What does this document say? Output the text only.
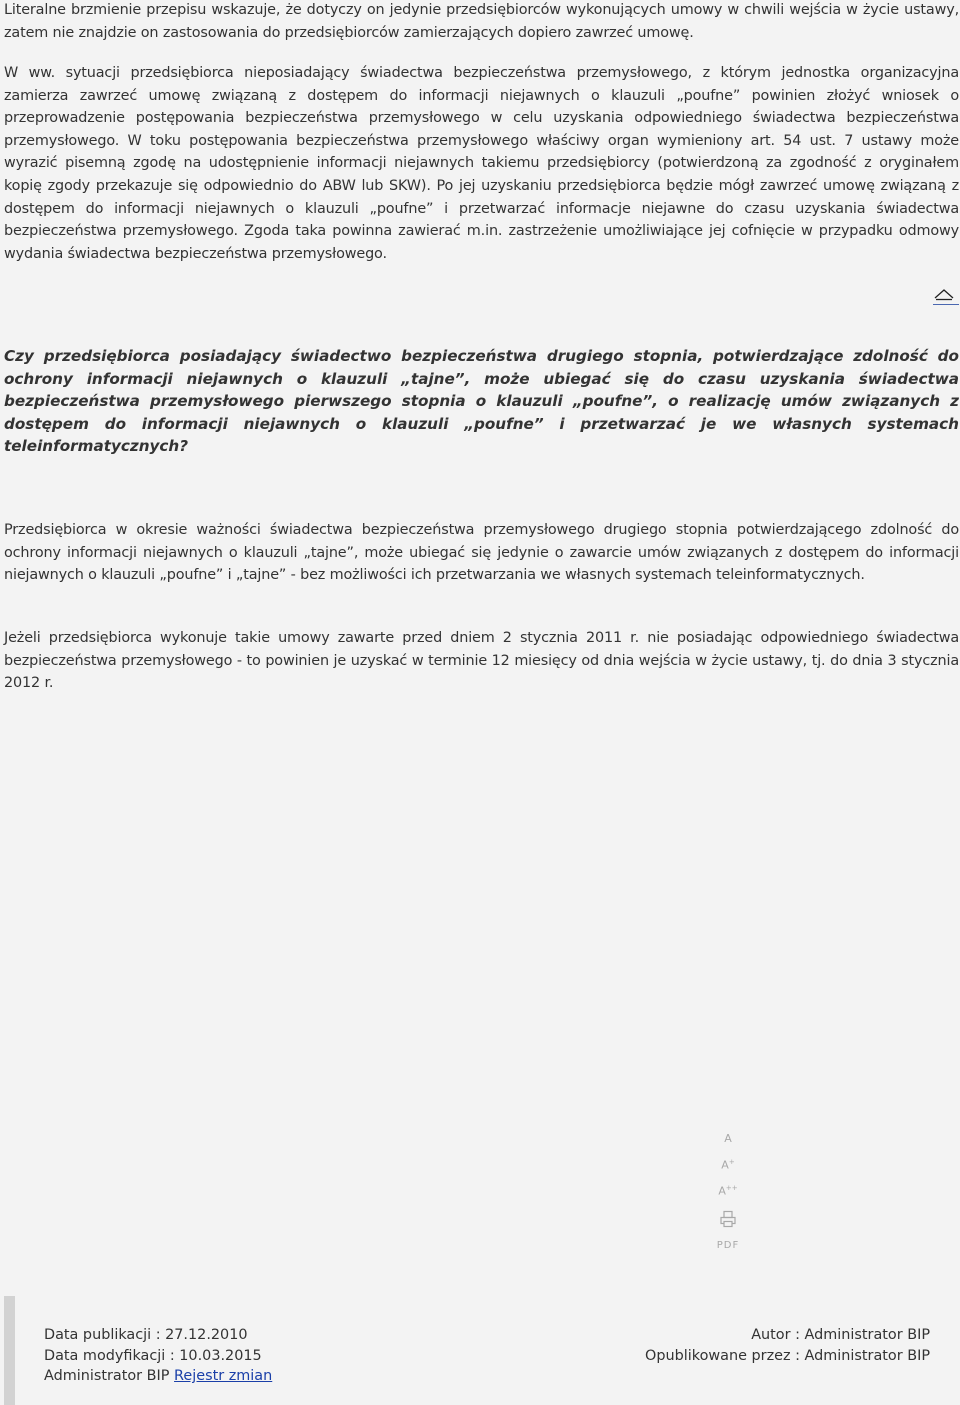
Literalne brzmienie przepisu wskazuje, że dotyczy on jedynie przedsiębiorców wykonujących umowy w chwili wejścia w życie ustawy, zatem nie znajdzie on zastosowania do przedsiębiorców zamierzających dopiero zawrzeć umowę.

W ww. sytuacji przedsiębiorca nieposiadający świadectwa bezpieczeństwa przemysłowego, z którym jednostka organizacyjna zamierza zawrzeć umowę związaną z dostępem do informacji niejawnych o klauzuli „poufne” powinien złożyć wniosek o przeprowadzenie postępowania bezpieczeństwa przemysłowego w celu uzyskania odpowiedniego świadectwa bezpieczeństwa przemysłowego. W toku postępowania bezpieczeństwa przemysłowego właściwy organ wymieniony art. 54 ust. 7 ustawy może wyrazić pisemną zgodę na udostępnienie informacji niejawnych takiemu przedsiębiorcy (potwierdzoną za zgodność z oryginałem kopię zgody przekazuje się odpowiednio do ABW lub SKW). Po jej uzyskaniu przedsiębiorca będzie mógł zawrzeć umowę związaną z dostępem do informacji niejawnych o klauzuli „poufne” i przetwarzać informacje niejawne do czasu uzyskania świadectwa bezpieczeństwa przemysłowego. Zgoda taka powinna zawierać m.in. zastrzeżenie umożliwiające jej cofnięcie w przypadku odmowy wydania świadectwa bezpieczeństwa przemysłowego.

Czy przedsiębiorca posiadający świadectwo bezpieczeństwa drugiego stopnia, potwierdzające zdolność do ochrony informacji niejawnych o klauzuli „tajne”, może ubiegać się do czasu uzyskania świadectwa bezpieczeństwa przemysłowego pierwszego stopnia o klauzuli „poufne”, o realizację umów związanych z dostępem do informacji niejawnych o klauzuli „poufne” i przetwarzać je we własnych systemach teleinformatycznych?

Przedsiębiorca w okresie ważności świadectwa bezpieczeństwa przemysłowego drugiego stopnia potwierdzającego zdolność do ochrony informacji niejawnych o klauzuli „tajne”, może ubiegać się jedynie o zawarcie umów związanych z dostępem do informacji niejawnych o klauzuli „poufne” i „tajne” - bez możliwości ich przetwarzania we własnych systemach teleinformatycznych.

Jeżeli przedsiębiorca wykonuje takie umowy zawarte przed dniem 2 stycznia 2011 r. nie posiadając odpowiedniego świadectwa bezpieczeństwa przemysłowego - to powinien je uzyskać w terminie 12 miesięcy od dnia wejścia w życie ustawy, tj. do dnia 3 stycznia 2012 r.

A
A+
A++
PDF
Data publikacji : 27.12.2010
Data modyfikacji : 10.03.2015
Administrator BIP Rejestr zmian
Autor : Administrator BIP
Opublikowane przez : Administrator BIP
